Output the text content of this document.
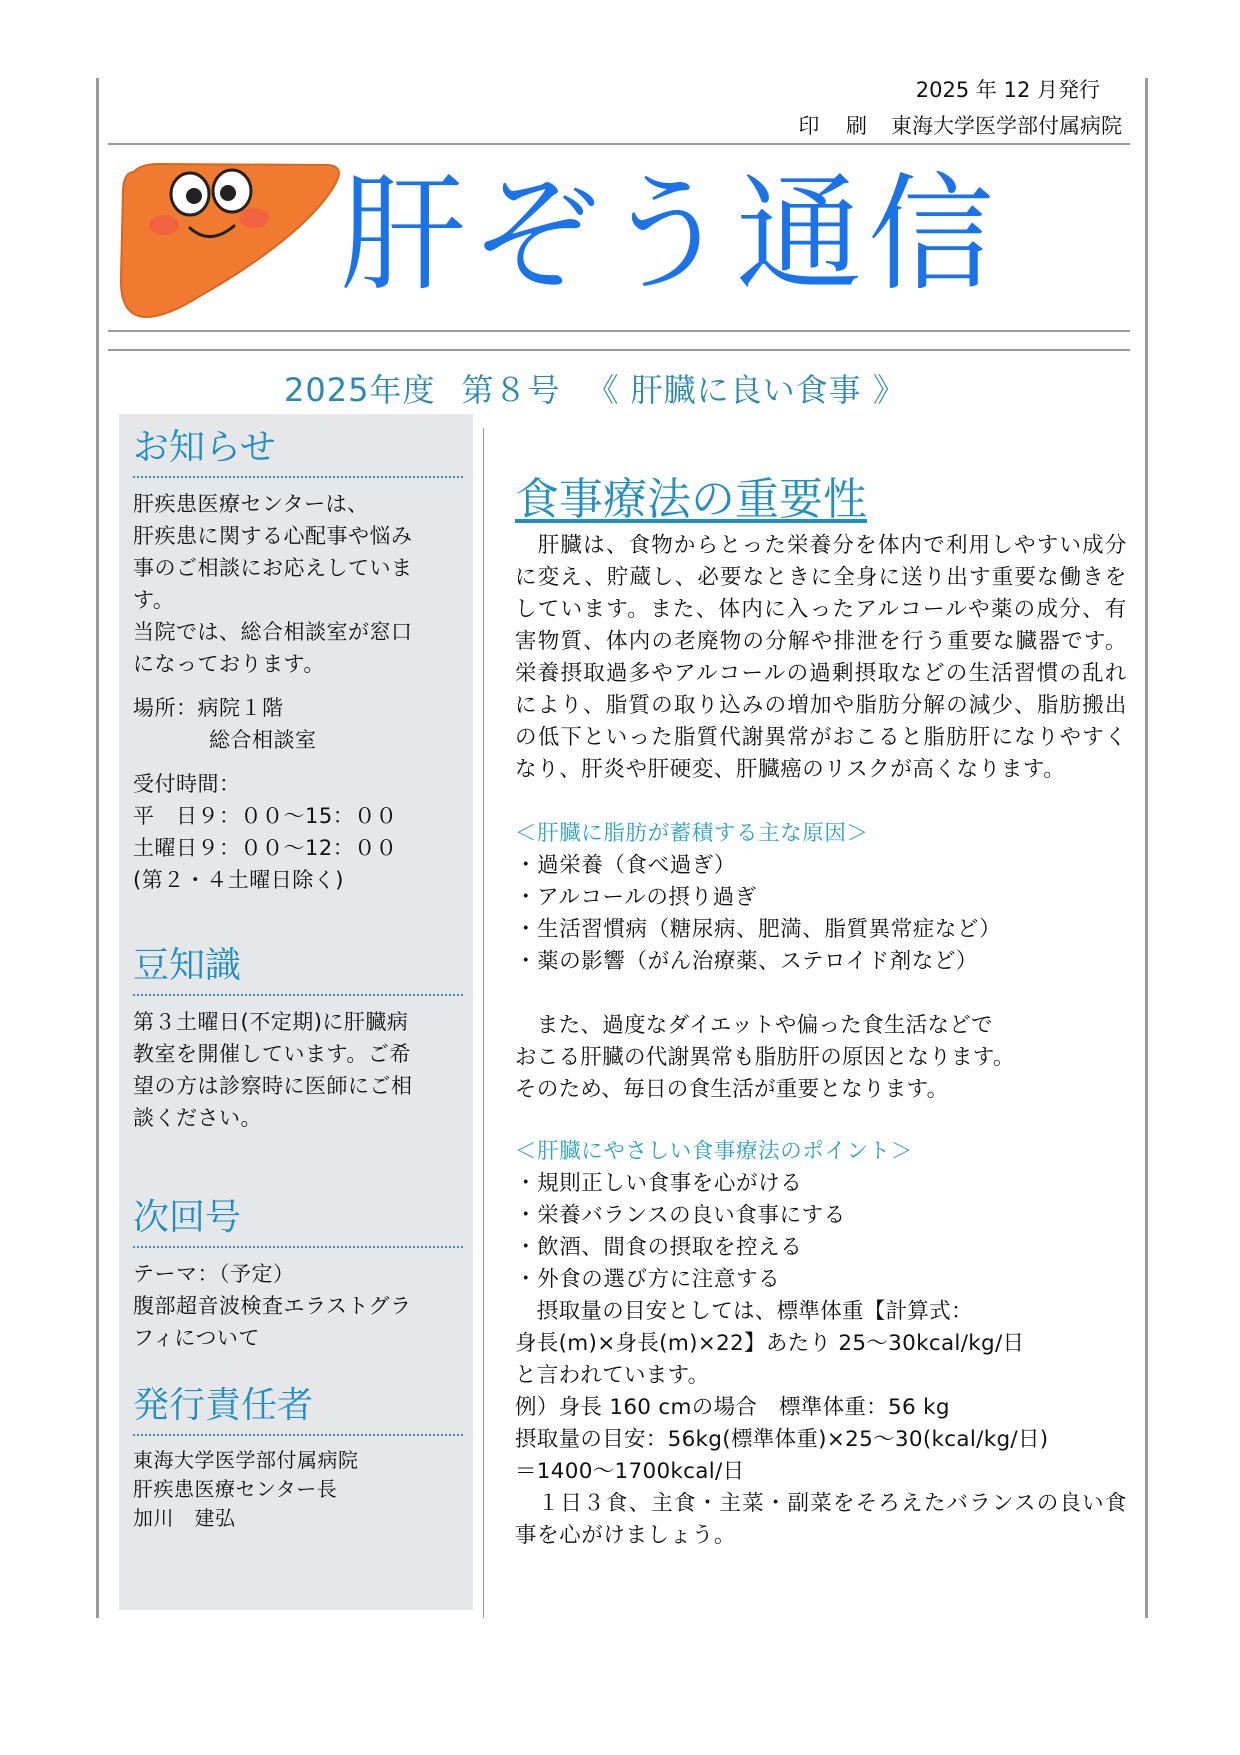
2025 年 12 月発行
印 刷 東海大学医学部付属病院
肝ぞう通信
2025年度 第８号 《 肝臓に良い食事 》
お知らせ

肝疾患医療センターは、

肝疾患に関する心配事や悩み

事のご相談にお応えしていま

す。

当院では、総合相談室が窓口

になっております。

場所：病院１階

総合相談室

受付時間：

平　日９：００～15：００

土曜日９：００～12：００

(第２・４土曜日除く)

豆知識

第３土曜日(不定期)に肝臓病

教室を開催しています。ご希

望の方は診察時に医師にご相

談ください。

次回号

テーマ：（予定）

腹部超音波検査エラストグラ

フィについて

発行責任者

東海大学医学部付属病院

肝疾患医療センター長

加川　建弘

食事療法の重要性

　肝臓は、食物からとった栄養分を体内で利用しやすい成分に変え、貯蔵し、必要なときに全身に送り出す重要な働きをしています。また、体内に入ったアルコールや薬の成分、有害物質、体内の老廃物の分解や排泄を行う重要な臓器です。栄養摂取過多やアルコールの過剰摂取などの生活習慣の乱れにより、脂質の取り込みの増加や脂肪分解の減少、脂肪搬出の低下といった脂質代謝異常がおこると脂肪肝になりやすくなり、肝炎や肝硬変、肝臓癌のリスクが高くなります。

＜肝臓に脂肪が蓄積する主な原因＞

・ 過栄養（食べ過ぎ）
・ アルコールの摂り過ぎ
・ 生活習慣病（糖尿病、肥満、脂質異常症など）
・ 薬の影響（がん治療薬、ステロイド剤など）

　また、過度なダイエットや偏った食生活などで

おこる肝臓の代謝異常も脂肪肝の原因となります。

そのため、毎日の食生活が重要となります。

＜肝臓にやさしい食事療法のポイント＞

・ 規則正しい食事を心がける
・ 栄養バランスの良い食事にする
・ 飲酒、間食の摂取を控える
・ 外食の選び方に注意する

　摂取量の目安としては、標準体重【計算式：

身長(m)×身長(m)×22】あたり 25～30kcal/kg/日

と言われています。

例）身長 160 cmの場合　標準体重：56 kg

摂取量の目安：56kg(標準体重)×25～30(kcal/kg/日)

＝1400～1700kcal/日

　１日３食、主食・主菜・副菜をそろえたバランスの良い食事を心がけましょう。
